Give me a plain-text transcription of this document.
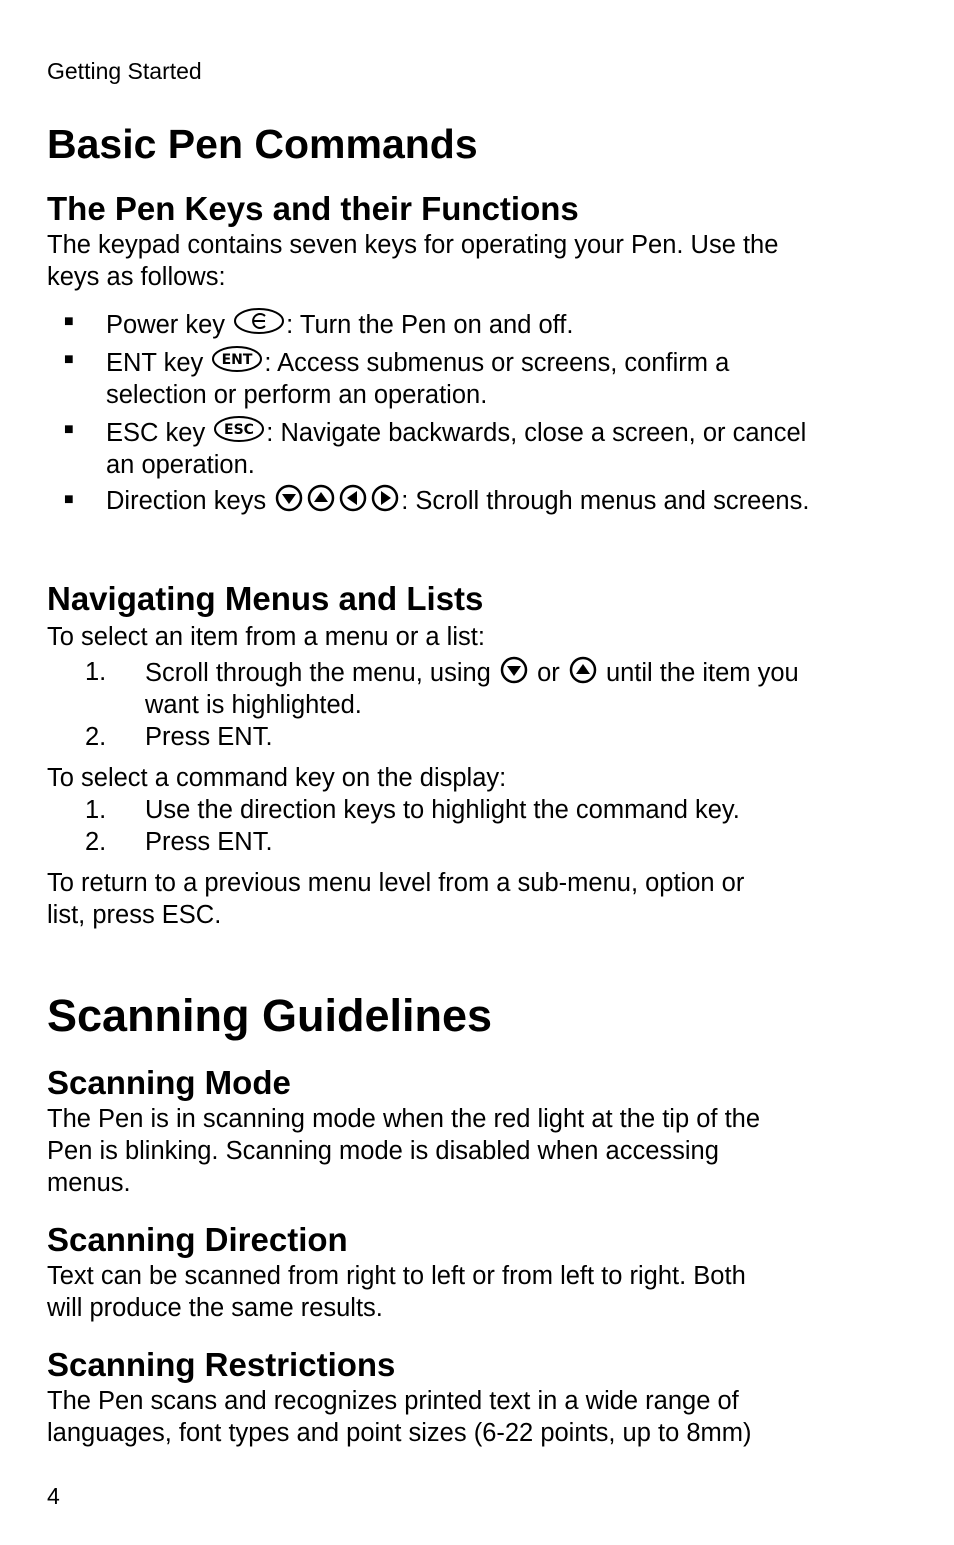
Getting Started
Basic Pen Commands
The Pen Keys and their Functions
The keypad contains seven keys for operating your Pen. Use the keys as follows:
■ Power key : Turn the Pen on and off.
■ ENT key ENT : Access submenus or screens, confirm a selection or perform an operation.
■ ESC key ESC : Navigate backwards, close a screen, or cancel an operation.
■ Direction keys	: Scroll through menus and screens.
Navigating Menus and Lists
To select an item from a menu or a list:
1. Scroll through the menu, using or until the item you want is highlighted.
2. Press ENT.
To select a command key on the display:
1. Use the direction keys to highlight the command key.
2. Press ENT.
To return to a previous menu level from a sub-menu, option or list, press ESC.
Scanning Guidelines
Scanning Mode
The Pen is in scanning mode when the red light at the tip of the Pen is blinking. Scanning mode is disabled when accessing menus.
Scanning Direction
Text can be scanned from right to left or from left to right. Both will produce the same results.
Scanning Restrictions
The Pen scans and recognizes printed text in a wide range of languages, font types and point sizes (6-22 points, up to 8mm)
4
